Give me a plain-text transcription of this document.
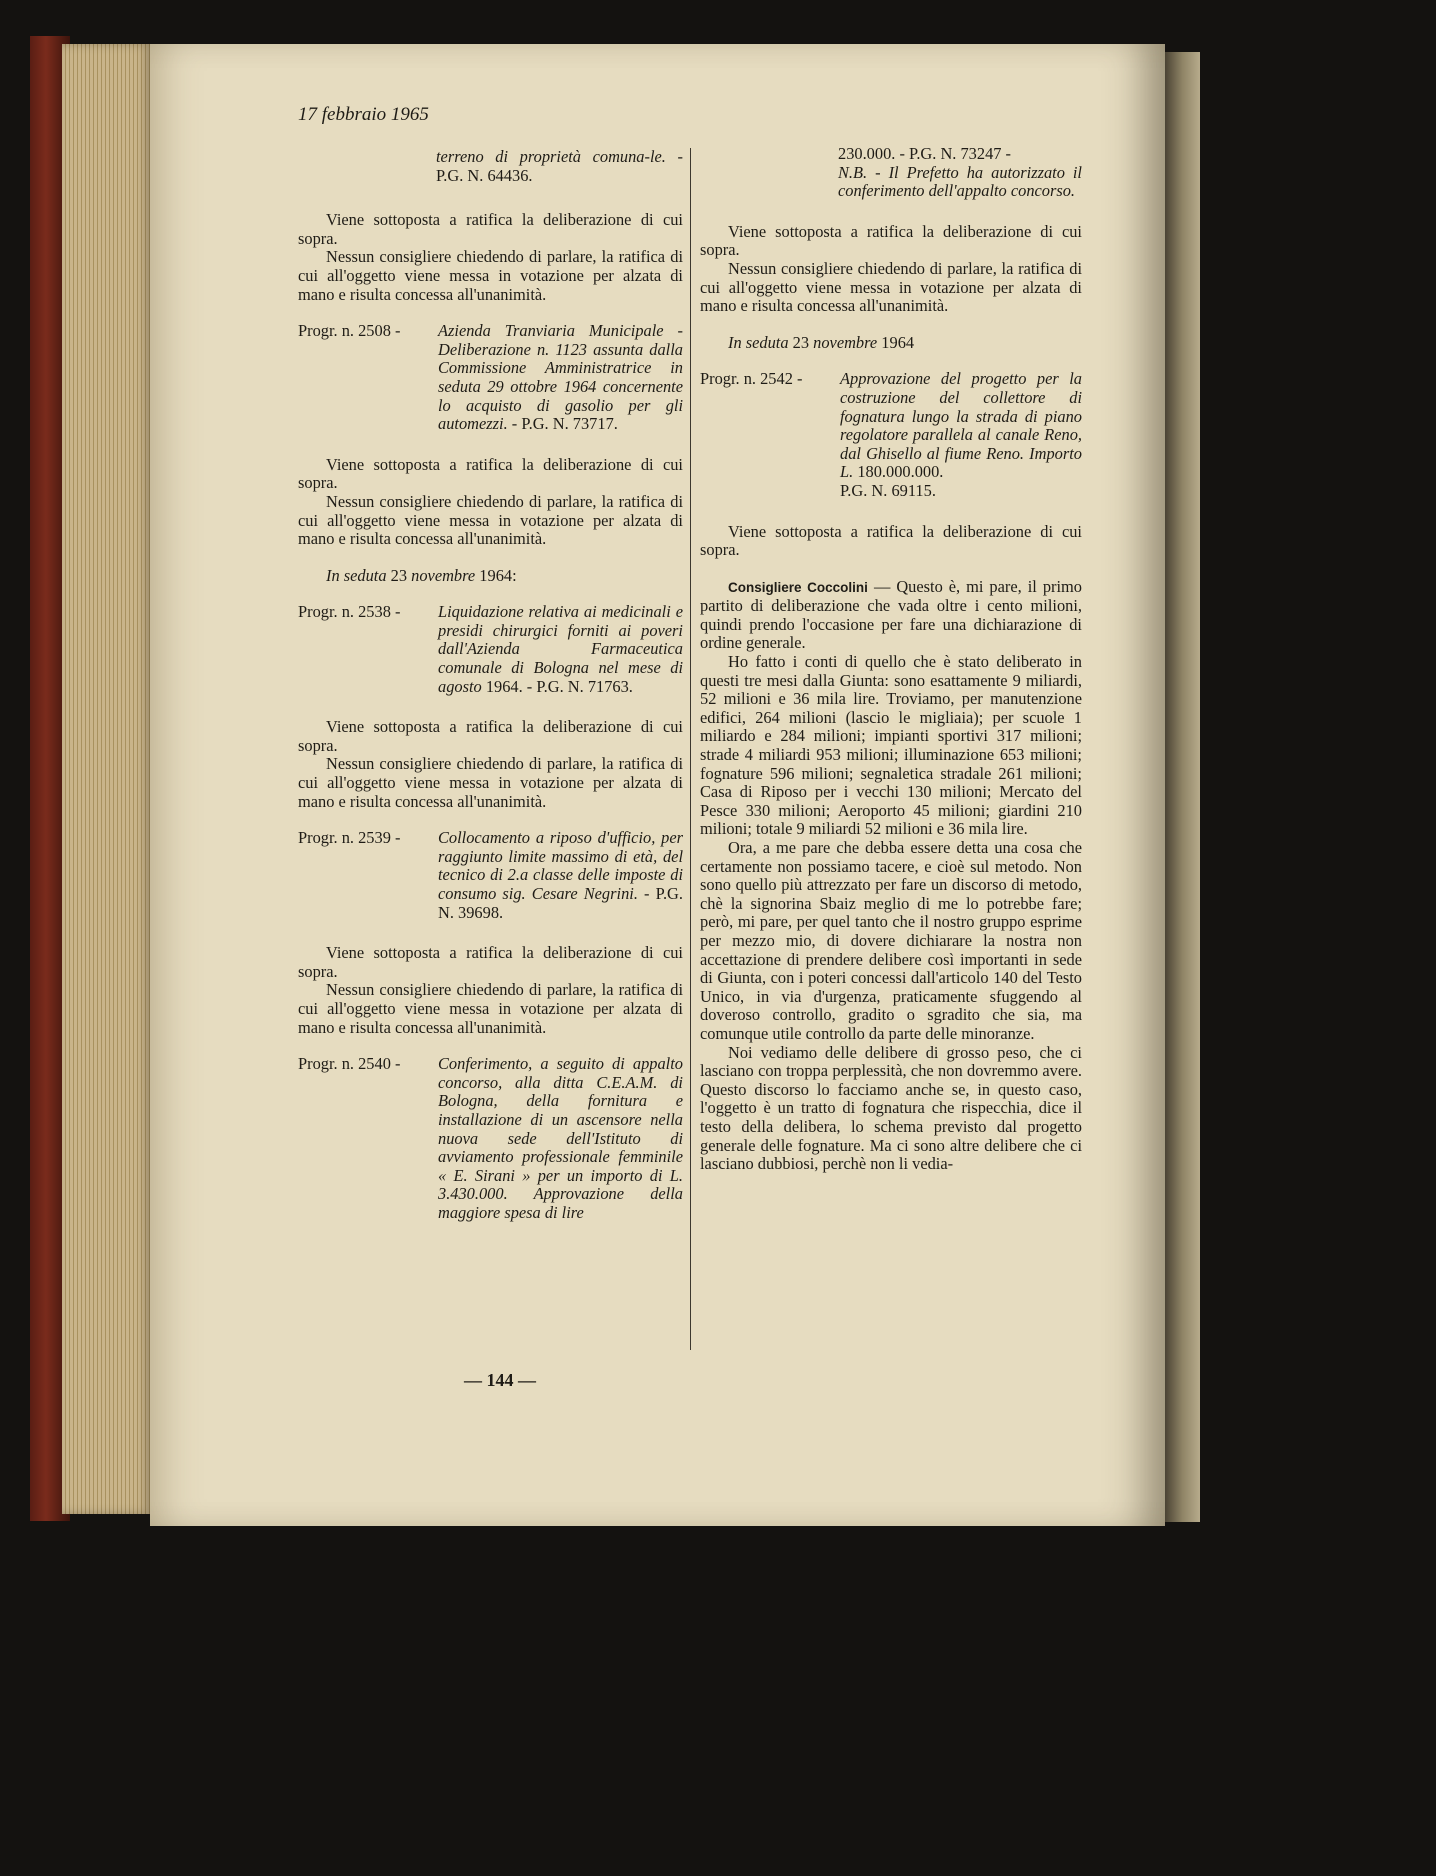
17 febbraio 1965
terreno di proprietà comuna-le. - P.G. N. 64436.

Viene sottoposta a ratifica la deliberazione di cui sopra.

Nessun consigliere chiedendo di parlare, la ratifica di cui all'oggetto viene messa in votazione per alzata di mano e risulta concessa all'unanimità.

Progr. n. 2508 -	Azienda Tranviaria Municipale - Deliberazione n. 1123 assunta dalla Commissione Amministratrice in seduta 29 ottobre 1964 concernente lo acquisto di gasolio per gli automezzi. - P.G. N. 73717.

Viene sottoposta a ratifica la deliberazione di cui sopra.

Nessun consigliere chiedendo di parlare, la ratifica di cui all'oggetto viene messa in votazione per alzata di mano e risulta concessa all'unanimità.

In seduta 23 novembre 1964:

Progr. n. 2538 -	Liquidazione relativa ai medicinali e presidi chirurgici forniti ai poveri dall'Azienda Farmaceutica comunale di Bologna nel mese di agosto 1964. - P.G. N. 71763.

Viene sottoposta a ratifica la deliberazione di cui sopra.

Nessun consigliere chiedendo di parlare, la ratifica di cui all'oggetto viene messa in votazione per alzata di mano e risulta concessa all'unanimità.

Progr. n. 2539 -	Collocamento a riposo d'ufficio, per raggiunto limite massimo di età, del tecnico di 2.a classe delle imposte di consumo sig. Cesare Negrini. - P.G. N. 39698.

Viene sottoposta a ratifica la deliberazione di cui sopra.

Nessun consigliere chiedendo di parlare, la ratifica di cui all'oggetto viene messa in votazione per alzata di mano e risulta concessa all'unanimità.

Progr. n. 2540 -	Conferimento, a seguito di appalto concorso, alla ditta C.E.A.M. di Bologna, della fornitura e installazione di un ascensore nella nuova sede dell'Istituto di avviamento professionale femminile « E. Sirani » per un importo di L. 3.430.000. Approvazione della maggiore spesa di lire
230.000. - P.G. N. 73247 -
N.B. - Il Prefetto ha autorizzato il conferimento dell'appalto concorso.

Viene sottoposta a ratifica la deliberazione di cui sopra.

Nessun consigliere chiedendo di parlare, la ratifica di cui all'oggetto viene messa in votazione per alzata di mano e risulta concessa all'unanimità.

In seduta 23 novembre 1964

Progr. n. 2542 -	Approvazione del progetto per la costruzione del collettore di fognatura lungo la strada di piano regolatore parallela al canale Reno, dal Ghisello al fiume Reno. Importo L. 180.000.000.
P.G. N. 69115.

Viene sottoposta a ratifica la deliberazione di cui sopra.

Consigliere Coccolini — Questo è, mi pare, il primo partito di deliberazione che vada oltre i cento milioni, quindi prendo l'occasione per fare una dichiarazione di ordine generale.

Ho fatto i conti di quello che è stato deliberato in questi tre mesi dalla Giunta: sono esattamente 9 miliardi, 52 milioni e 36 mila lire. Troviamo, per manutenzione edifici, 264 milioni (lascio le migliaia); per scuole 1 miliardo e 284 milioni; impianti sportivi 317 milioni; strade 4 miliardi 953 milioni; illuminazione 653 milioni; fognature 596 milioni; segnaletica stradale 261 milioni; Casa di Riposo per i vecchi 130 milioni; Mercato del Pesce 330 milioni; Aeroporto 45 milioni; giardini 210 milioni; totale 9 miliardi 52 milioni e 36 mila lire.

Ora, a me pare che debba essere detta una cosa che certamente non possiamo tacere, e cioè sul metodo. Non sono quello più attrezzato per fare un discorso di metodo, chè la signorina Sbaiz meglio di me lo potrebbe fare; però, mi pare, per quel tanto che il nostro gruppo esprime per mezzo mio, di dovere dichiarare la nostra non accettazione di prendere delibere così importanti in sede di Giunta, con i poteri concessi dall'articolo 140 del Testo Unico, in via d'urgenza, praticamente sfuggendo al doveroso controllo, gradito o sgradito che sia, ma comunque utile controllo da parte delle minoranze.

Noi vediamo delle delibere di grosso peso, che ci lasciano con troppa perplessità, che non dovremmo avere. Questo discorso lo facciamo anche se, in questo caso, l'oggetto è un tratto di fognatura che rispecchia, dice il testo della delibera, lo schema previsto dal progetto generale delle fognature. Ma ci sono altre delibere che ci lasciano dubbiosi, perchè non li vedia-

— 144 —
